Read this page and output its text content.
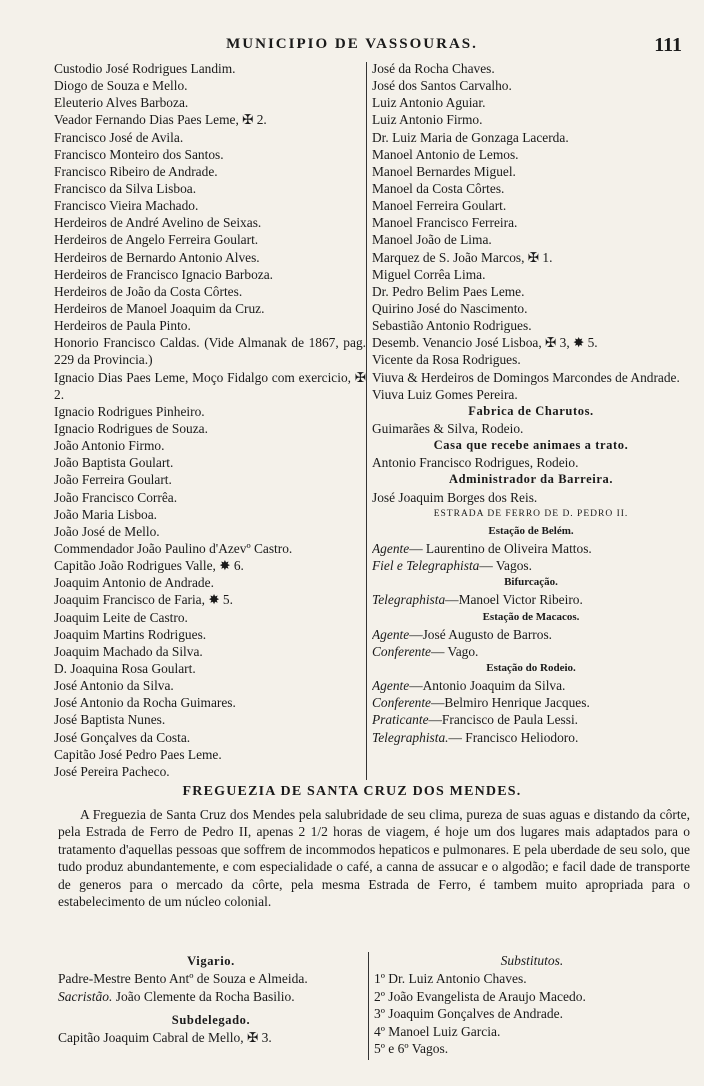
MUNICIPIO DE VASSOURAS.	111
Custodio José Rodrigues Landim.
Diogo de Souza e Mello.
Eleuterio Alves Barboza.
Veador Fernando Dias Paes Leme, ✠ 2.
Francisco José de Avila.
Francisco Monteiro dos Santos.
Francisco Ribeiro de Andrade.
Francisco da Silva Lisboa.
Francisco Vieira Machado.
Herdeiros de André Avelino de Seixas.
Herdeiros de Angelo Ferreira Goulart.
Herdeiros de Bernardo Antonio Alves.
Herdeiros de Francisco Ignacio Barboza.
Herdeiros de João da Costa Côrtes.
Herdeiros de Manoel Joaquim da Cruz.
Herdeiros de Paula Pinto.
Honorio Francisco Caldas. (Vide Almanak de 1867, pag. 229 da Provincia.)
Ignacio Dias Paes Leme, Moço Fidalgo com exercicio, ✠ 2.
Ignacio Rodrigues Pinheiro.
Ignacio Rodrigues de Souza.
João Antonio Firmo.
João Baptista Goulart.
João Ferreira Goulart.
João Francisco Corrêa.
João Maria Lisboa.
João José de Mello.
Commendador João Paulino d'Azevº Castro.
Capitão João Rodrigues Valle, ✸ 6.
Joaquim Antonio de Andrade.
Joaquim Francisco de Faria, ✸ 5.
Joaquim Leite de Castro.
Joaquim Martins Rodrigues.
Joaquim Machado da Silva.
D. Joaquina Rosa Goulart.
José Antonio da Silva.
José Antonio da Rocha Guimares.
José Baptista Nunes.
José Gonçalves da Costa.
Capitão José Pedro Paes Leme.
José Pereira Pacheco.
José da Rocha Chaves.
José dos Santos Carvalho.
Luiz Antonio Aguiar.
Luiz Antonio Firmo.
Dr. Luiz Maria de Gonzaga Lacerda.
Manoel Antonio de Lemos.
Manoel Bernardes Miguel.
Manoel da Costa Côrtes.
Manoel Ferreira Goulart.
Manoel Francisco Ferreira.
Manoel João de Lima.
Marquez de S. João Marcos, ✠ 1.
Miguel Corrêa Lima.
Dr. Pedro Belim Paes Leme.
Quirino José do Nascimento.
Sebastião Antonio Rodrigues.
Desemb. Venancio José Lisboa, ✠ 3, ✸ 5.
Vicente da Rosa Rodrigues.
Viuva & Herdeiros de Domingos Marcondes de Andrade.
Viuva Luiz Gomes Pereira.
Fabrica de Charutos.
Guimarães & Silva, Rodeio.
Casa que recebe animaes a trato.
Antonio Francisco Rodrigues, Rodeio.
Administrador da Barreira.
José Joaquim Borges dos Reis.
ESTRADA DE FERRO DE D. PEDRO II.
Estação de Belém.
Agente— Laurentino de Oliveira Mattos.
Fiel e Telegraphista— Vagos.
Bifurcação.
Telegraphista—Manoel Victor Ribeiro.
Estação de Macacos.
Agente—José Augusto de Barros.
Conferente— Vago.
Estação do Rodeio.
Agente—Antonio Joaquim da Silva.
Conferente—Belmiro Henrique Jacques.
Praticante—Francisco de Paula Lessi.
Telegraphista.— Francisco Heliodoro.
FREGUEZIA DE SANTA CRUZ DOS MENDES.
A Freguezia de Santa Cruz dos Mendes pela salubridade de seu clima, pureza de suas aguas e distando da côrte, pela Estrada de Ferro de Pedro II, apenas 2 1/2 horas de viagem, é hoje um dos lugares mais adaptados para o tratamento d'aquellas pessoas que soffrem de incommodos hepaticos e pulmonares. E pela uberdade de seu solo, que tudo produz abundantemente, e com especialidade o café, a canna de assucar e o algodão; e facil dade de transporte de generos para o mercado da côrte, pela mesma Estrada de Ferro, é tambem muito apropriada para o estabelecimento de um núcleo colonial.
Vigario.
Padre-Mestre Bento Antº de Souza e Almeida.
Sacristão. João Clemente da Rocha Basilio.
Subdelegado.
Capitão Joaquim Cabral de Mello, ✠ 3.
Substitutos.
1º Dr. Luiz Antonio Chaves.
2º João Evangelista de Araujo Macedo.
3º Joaquim Gonçalves de Andrade.
4º Manoel Luiz Garcia.
5º e 6º Vagos.
